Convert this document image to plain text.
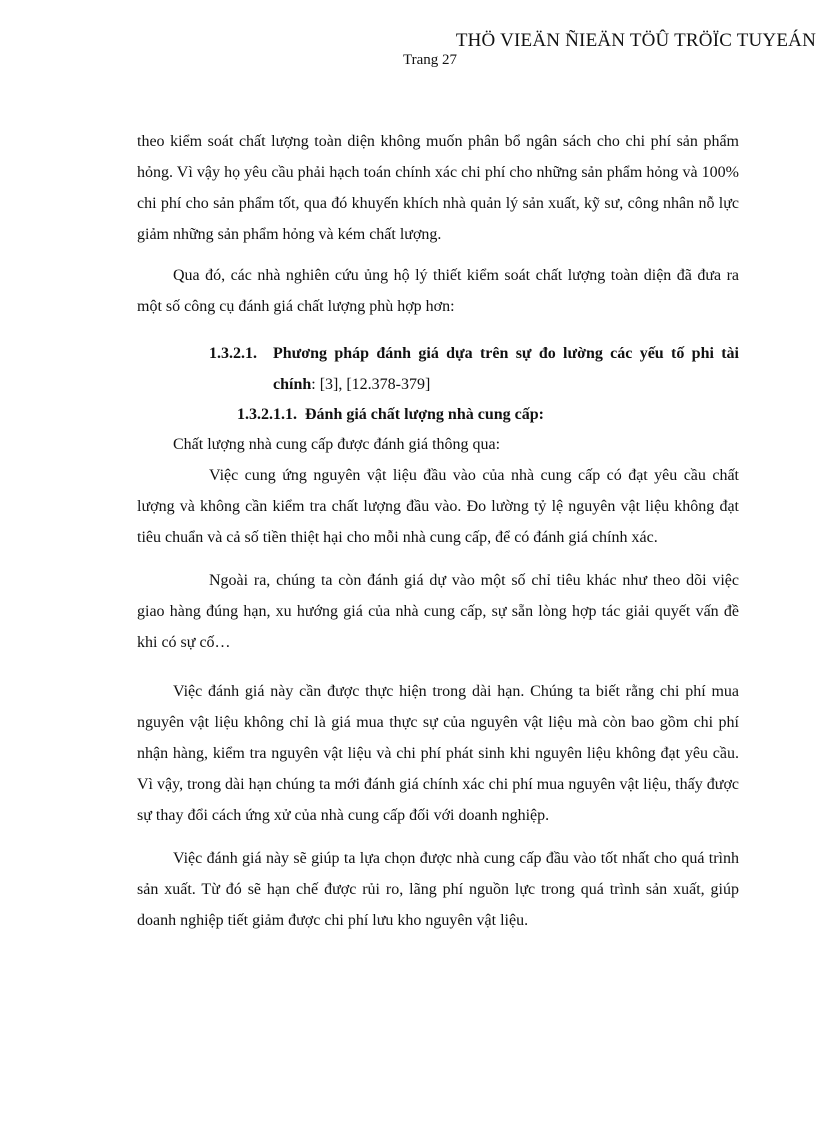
THÖ VIEÄN ÑIEÄN TÖÛ TRÖÏC TUYEÁN
Trang 27

theo kiểm soát chất lượng toàn diện không muốn phân bổ ngân sách cho chi phí sản phẩm hỏng. Vì vậy họ yêu cầu phải hạch toán chính xác chi phí cho những sản phẩm hỏng và 100% chi phí cho sản phẩm tốt, qua đó khuyến khích nhà quản lý sản xuất, kỹ sư, công nhân nỗ lực giảm những sản phẩm hỏng và kém chất lượng.

Qua đó, các nhà nghiên cứu ủng hộ lý thiết kiểm soát chất lượng toàn diện đã đưa ra một số công cụ đánh giá chất lượng phù hợp hơn:

1.3.2.1.	Phương pháp đánh giá dựa trên sự đo lường các yếu tố phi tài chính: [3], [12.378-379]
1.3.2.1.1. Đánh giá chất lượng nhà cung cấp:

Chất lượng nhà cung cấp được đánh giá thông qua:

Việc cung ứng nguyên vật liệu đầu vào của nhà cung cấp có đạt yêu cầu chất lượng và không cần kiểm tra chất lượng đầu vào. Đo lường tỷ lệ nguyên vật liệu không đạt tiêu chuẩn và cả số tiền thiệt hại cho mỗi nhà cung cấp, để có đánh giá chính xác.

Ngoài ra, chúng ta còn đánh giá dự vào một số chỉ tiêu khác như theo dõi việc giao hàng đúng hạn, xu hướng giá của nhà cung cấp, sự sẵn lòng hợp tác giải quyết vấn đề khi có sự cố…

Việc đánh giá này cần được thực hiện trong dài hạn. Chúng ta biết rằng chi phí mua nguyên vật liệu không chỉ là giá mua thực sự của nguyên vật liệu mà còn bao gồm chi phí nhận hàng, kiểm tra nguyên vật liệu và chi phí phát sinh khi nguyên liệu không đạt yêu cầu. Vì vậy, trong dài hạn chúng ta mới đánh giá chính xác chi phí mua nguyên vật liệu, thấy được sự thay đổi cách ứng xử của nhà cung cấp đối với doanh nghiệp.

Việc đánh giá này sẽ giúp ta lựa chọn được nhà cung cấp đầu vào tốt nhất cho quá trình sản xuất. Từ đó sẽ hạn chế được rủi ro, lãng phí nguồn lực trong quá trình sản xuất, giúp doanh nghiệp tiết giảm được chi phí lưu kho nguyên vật liệu.
